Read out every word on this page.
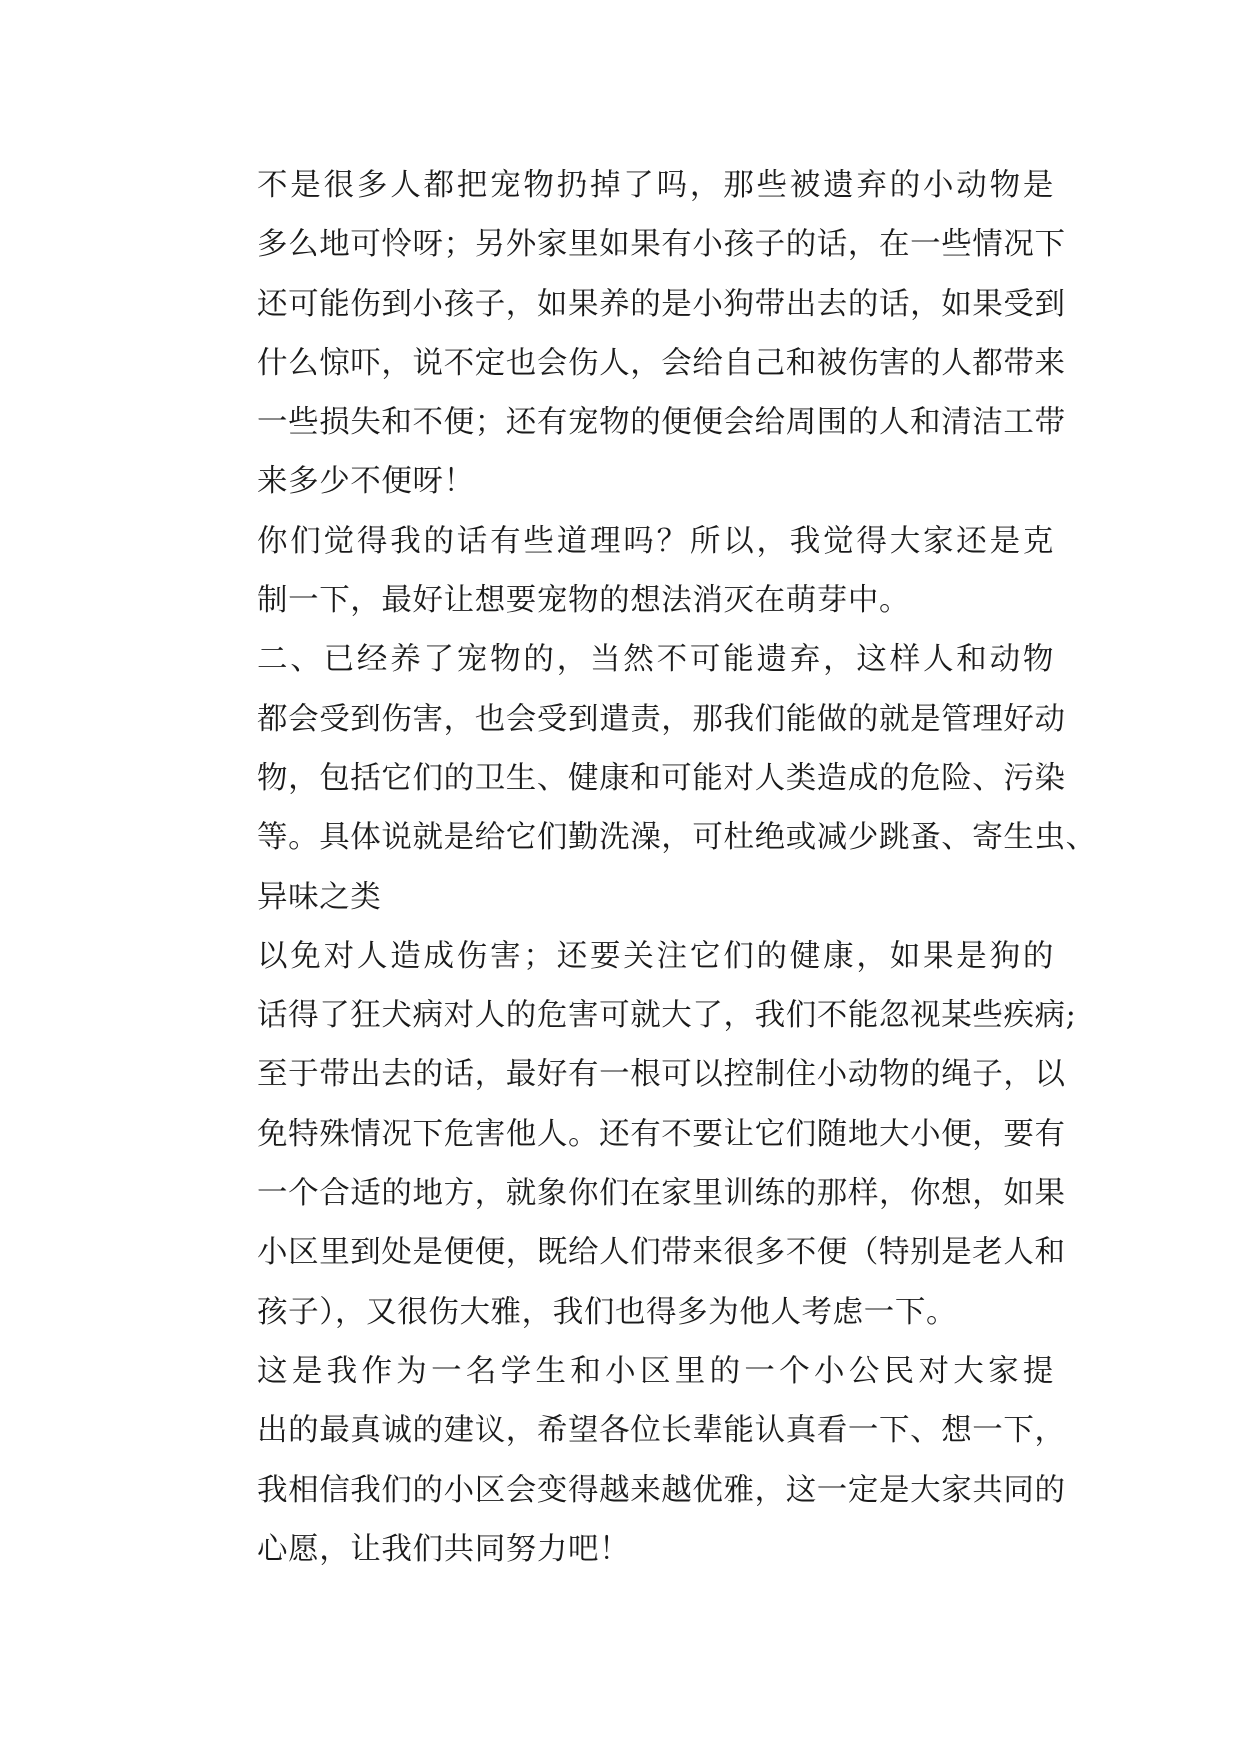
不是很多人都把宠物扔掉了吗，那些被遗弃的小动物是
多么地可怜呀；另外家里如果有小孩子的话，在一些情况下
还可能伤到小孩子，如果养的是小狗带出去的话，如果受到
什么惊吓，说不定也会伤人，会给自己和被伤害的人都带来
一些损失和不便；还有宠物的便便会给周围的人和清洁工带
来多少不便呀！

你们觉得我的话有些道理吗？所以，我觉得大家还是克
制一下，最好让想要宠物的想法消灭在萌芽中。

二、已经养了宠物的，当然不可能遗弃，这样人和动物
都会受到伤害，也会受到遣责，那我们能做的就是管理好动
物，包括它们的卫生、健康和可能对人类造成的危险、污染
等。具体说就是给它们勤洗澡，可杜绝或减少跳蚤、寄生虫、
异味之类

以免对人造成伤害；还要关注它们的健康，如果是狗的
话得了狂犬病对人的危害可就大了，我们不能忽视某些疾病;
至于带出去的话，最好有一根可以控制住小动物的绳子，以
免特殊情况下危害他人。还有不要让它们随地大小便，要有
一个合适的地方，就象你们在家里训练的那样，你想，如果
小区里到处是便便，既给人们带来很多不便（特别是老人和
孩子），又很伤大雅，我们也得多为他人考虑一下。

这是我作为一名学生和小区里的一个小公民对大家提
出的最真诚的建议，希望各位长辈能认真看一下、想一下，
我相信我们的小区会变得越来越优雅，这一定是大家共同的
心愿，让我们共同努力吧！
